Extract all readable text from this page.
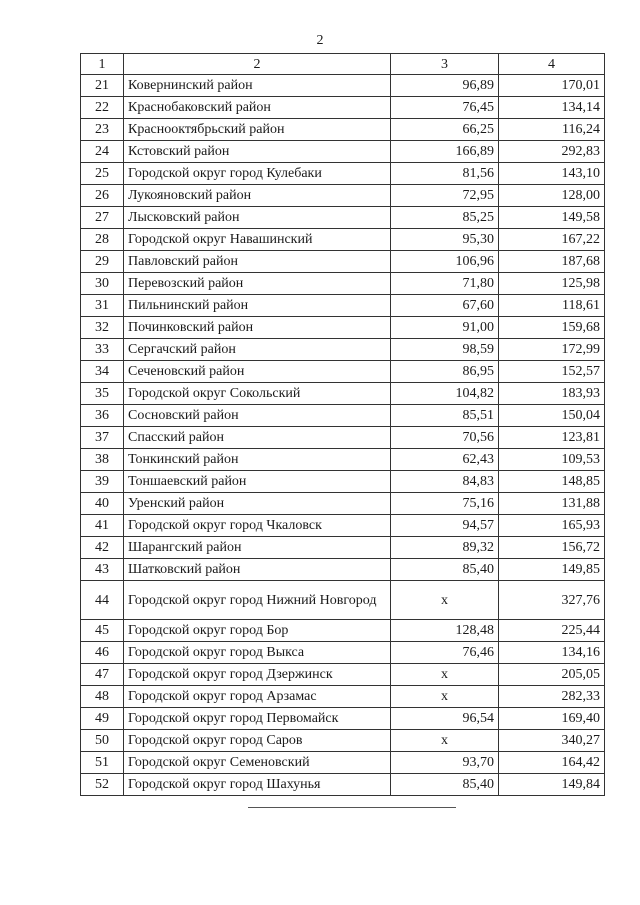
2
1	2	3	4
21	Ковернинский район	96,89	170,01
22	Краснобаковский район	76,45	134,14
23	Краснооктябрьский район	66,25	116,24
24	Кстовский район	166,89	292,83
25	Городской округ город Кулебаки	81,56	143,10
26	Лукояновский район	72,95	128,00
27	Лысковский район	85,25	149,58
28	Городской округ Навашинский	95,30	167,22
29	Павловский район	106,96	187,68
30	Перевозский район	71,80	125,98
31	Пильнинский район	67,60	118,61
32	Починковский район	91,00	159,68
33	Сергачский район	98,59	172,99
34	Сеченовский район	86,95	152,57
35	Городской округ Сокольский	104,82	183,93
36	Сосновский район	85,51	150,04
37	Спасский район	70,56	123,81
38	Тонкинский район	62,43	109,53
39	Тоншаевский район	84,83	148,85
40	Уренский район	75,16	131,88
41	Городской округ город Чкаловск	94,57	165,93
42	Шарангский район	89,32	156,72
43	Шатковский район	85,40	149,85
44	Городской округ город Нижний Новгород	x	327,76
45	Городской округ город Бор	128,48	225,44
46	Городской округ город Выкса	76,46	134,16
47	Городской округ город Дзержинск	x	205,05
48	Городской округ город Арзамас	x	282,33
49	Городской округ город Первомайск	96,54	169,40
50	Городской округ город Саров	x	340,27
51	Городской округ Семеновский	93,70	164,42
52	Городской округ город Шахунья	85,40	149,84
